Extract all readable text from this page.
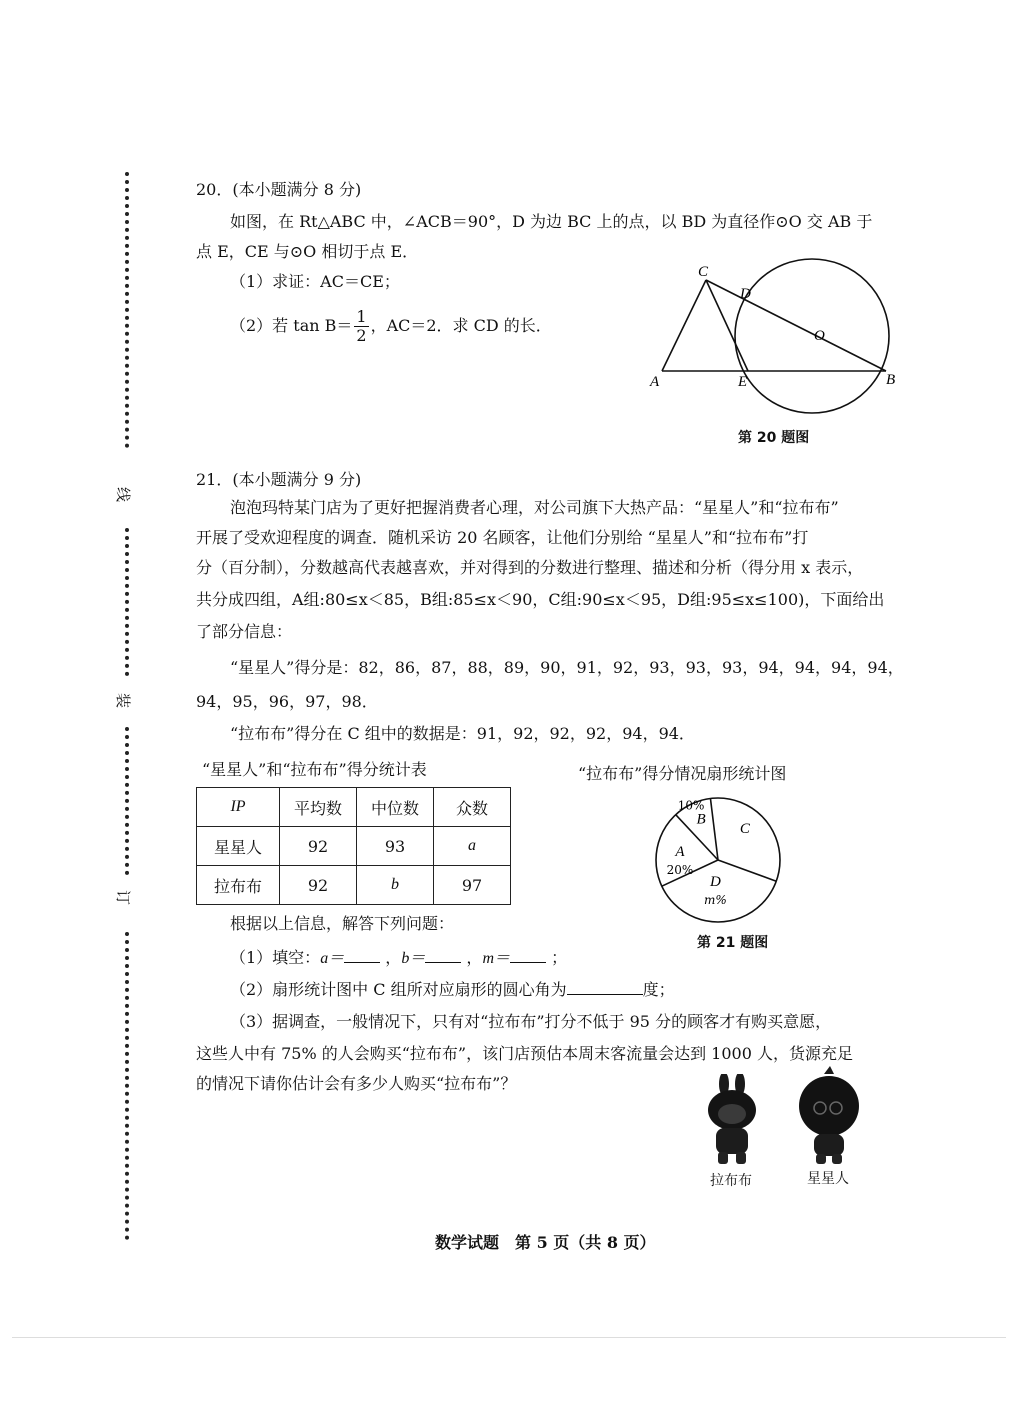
线
装
订
20．(本小题满分 8 分)
如图，在 Rt△ABC 中，∠ACB＝90°，D 为边 BC 上的点，以 BD 为直径作⊙O 交 AB 于
点 E，CE 与⊙O 相切于点 E．
（1）求证：AC＝CE；
（2）若 $\tan B= \frac{1}{2}$ ，AC＝2．求 CD 的长．
C
D
O
A	E	B
第 20 题图
21．(本小题满分 9 分)
泡泡玛特某门店为了更好把握消费者心理，对公司旗下大热产品：“星星人”和“拉布布”
开展了受欢迎程度的调查．随机采访 20 名顾客，让他们分别给 “星星人”和“拉布布”打
分（百分制），分数越高代表越喜欢，并对得到的分数进行整理、描述和分析（得分用 x 表示，
共分成四组，A组:80≤x＜85，B组:85≤x＜90，C组:90≤x＜95，D组:95≤x≤100)，下面给出
了部分信息：
“星星人”得分是：82，86，87，88，89，90，91，92，93，93，93，94，94，94，94，
94，95，96，97，98．
“拉布布”得分在 C 组中的数据是：91，92，92，92，94，94．
“星星人”和“拉布布”得分统计表
IP	平均数	中位数	众数
星星人	92	93	a
拉布布	92	b	97
“拉布布”得分情况扇形统计图
A
20%
B
10%
C
D
m%
第 21 题图
根据以上信息，解答下列问题：
（1）填空：a＝	，b＝	，m＝	；
（2）扇形统计图中 C 组所对应扇形的圆心角为	度；
（3）据调查，一般情况下，只有对“拉布布”打分不低于 95 分的顾客才有购买意愿，
这些人中有 75% 的人会购买“拉布布”，该门店预估本周末客流量会达到 1000 人，货源充足
的情况下请你估计会有多少人购买“拉布布”？
拉布布	星星人
数学试题　第 5 页（共 8 页）
